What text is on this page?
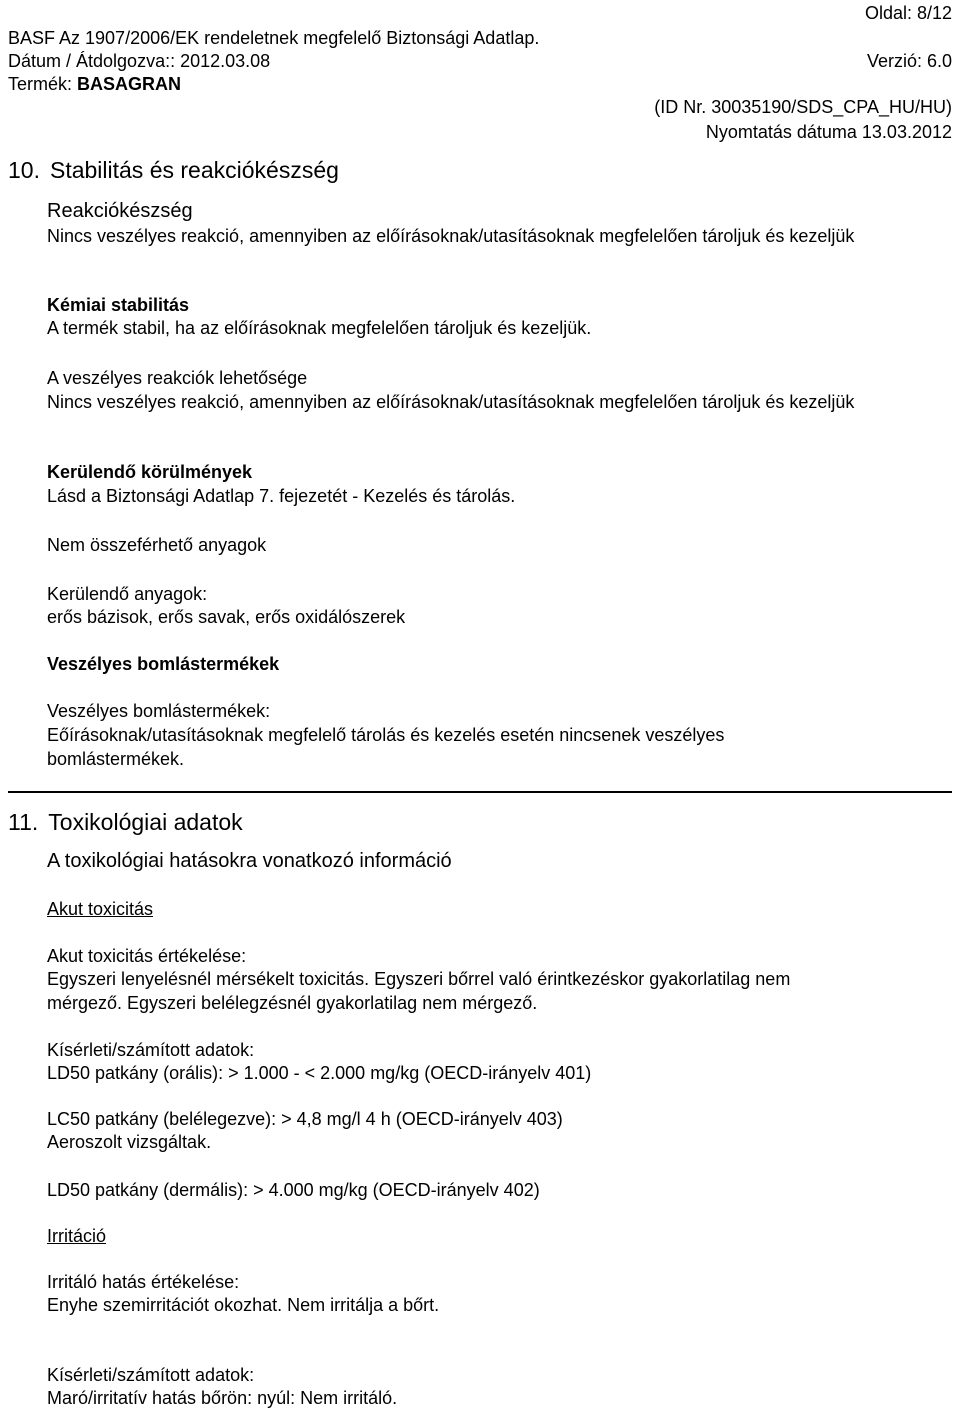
Oldal: 8/12
BASF Az 1907/2006/EK rendeletnek megfelelő Biztonsági Adatlap.
Dátum / Átdolgozva:: 2012.03.08	Verzió: 6.0
Termék: BASAGRAN
(ID Nr. 30035190/SDS_CPA_HU/HU)
Nyomtatás dátuma 13.03.2012
10. Stabilitás és reakciókészség
Reakciókészség
Nincs veszélyes reakció, amennyiben az előírásoknak/utasításoknak megfelelően tároljuk és kezeljük
Kémiai stabilitás
A termék stabil, ha az előírásoknak megfelelően tároljuk és kezeljük.
A veszélyes reakciók lehetősége
Nincs veszélyes reakció, amennyiben az előírásoknak/utasításoknak megfelelően tároljuk és kezeljük
Kerülendő körülmények
Lásd a Biztonsági Adatlap 7. fejezetét - Kezelés és tárolás.
Nem összeférhető anyagok
Kerülendő anyagok:
erős bázisok, erős savak, erős oxidálószerek
Veszélyes bomlástermékek
Veszélyes bomlástermékek:
Eőírásoknak/utasításoknak megfelelő tárolás és kezelés esetén nincsenek veszélyes
bomlástermékek.
11. Toxikológiai adatok
A toxikológiai hatásokra vonatkozó információ
Akut toxicitás
Akut toxicitás értékelése:
Egyszeri lenyelésnél mérsékelt toxicitás. Egyszeri bőrrel való érintkezéskor gyakorlatilag nem
mérgező. Egyszeri belélegzésnél gyakorlatilag nem mérgező.
Kísérleti/számított adatok:
LD50 patkány (orális): > 1.000 - < 2.000 mg/kg (OECD-irányelv 401)
LC50 patkány (belélegezve): > 4,8 mg/l 4 h (OECD-irányelv 403)
Aeroszolt vizsgáltak.
LD50 patkány (dermális): > 4.000 mg/kg (OECD-irányelv 402)
Irritáció
Irritáló hatás értékelése:
Enyhe szemirritációt okozhat. Nem irritálja a bőrt.
Kísérleti/számított adatok:
Maró/irritatív hatás bőrön: nyúl: Nem irritáló.
